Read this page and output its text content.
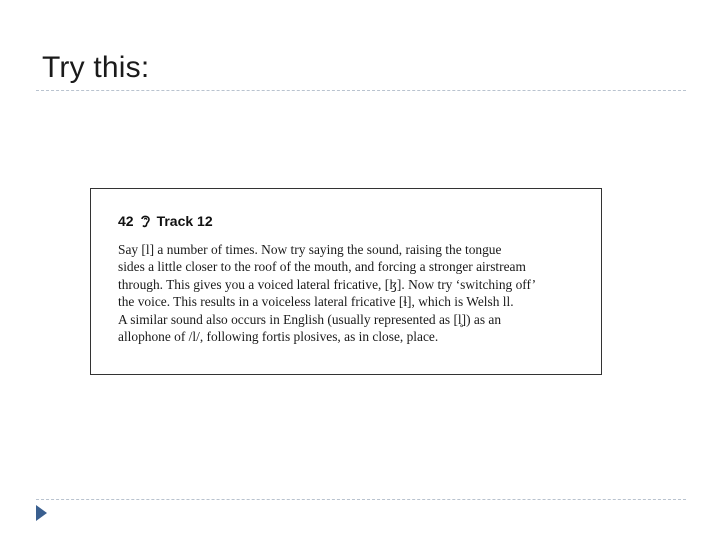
Try this:
42 Track 12

Say [l] a number of times. Now try saying the sound, raising the tongue

sides a little closer to the roof of the mouth, and forcing a stronger airstream

through. This gives you a voiced lateral fricative, [ɮ]. Now try ‘switching off’

the voice. This results in a voiceless lateral fricative [ɬ], which is Welsh ll.

A similar sound also occurs in English (usually represented as [l̥]) as an

allophone of /l/, following fortis plosives, as in close, place.
